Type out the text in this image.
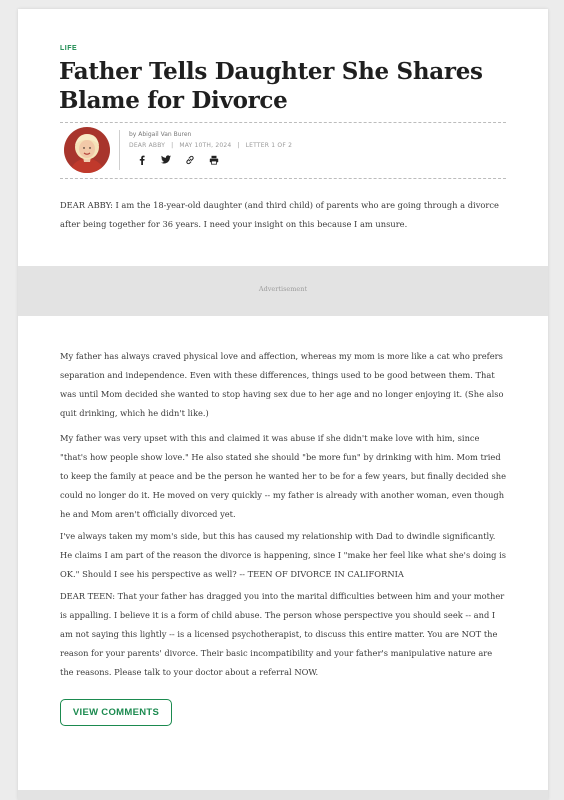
LIFE
Father Tells Daughter She Shares Blame for Divorce
by Abigail Van Buren
DEAR ABBY | MAY 10TH, 2024 | LETTER 1 OF 2

DEAR ABBY: I am the 18-year-old daughter (and third child) of parents who are going through a divorce after being together for 36 years. I need your insight on this because I am unsure.

Advertisement

My father has always craved physical love and affection, whereas my mom is more like a cat who prefers separation and independence. Even with these differences, things used to be good between them. That was until Mom decided she wanted to stop having sex due to her age and no longer enjoying it. (She also quit drinking, which he didn't like.)

My father was very upset with this and claimed it was abuse if she didn't make love with him, since "that's how people show love." He also stated she should "be more fun" by drinking with him. Mom tried to keep the family at peace and be the person he wanted her to be for a few years, but finally decided she could no longer do it. He moved on very quickly -- my father is already with another woman, even though he and Mom aren't officially divorced yet.

I've always taken my mom's side, but this has caused my relationship with Dad to dwindle significantly. He claims I am part of the reason the divorce is happening, since I "make her feel like what she's doing is OK." Should I see his perspective as well? -- TEEN OF DIVORCE IN CALIFORNIA

DEAR TEEN: That your father has dragged you into the marital difficulties between him and your mother is appalling. I believe it is a form of child abuse. The person whose perspective you should seek -- and I am not saying this lightly -- is a licensed psychotherapist, to discuss this entire matter. You are NOT the reason for your parents' divorce. Their basic incompatibility and your father's manipulative nature are the reasons. Please talk to your doctor about a referral NOW.

VIEW COMMENTS
